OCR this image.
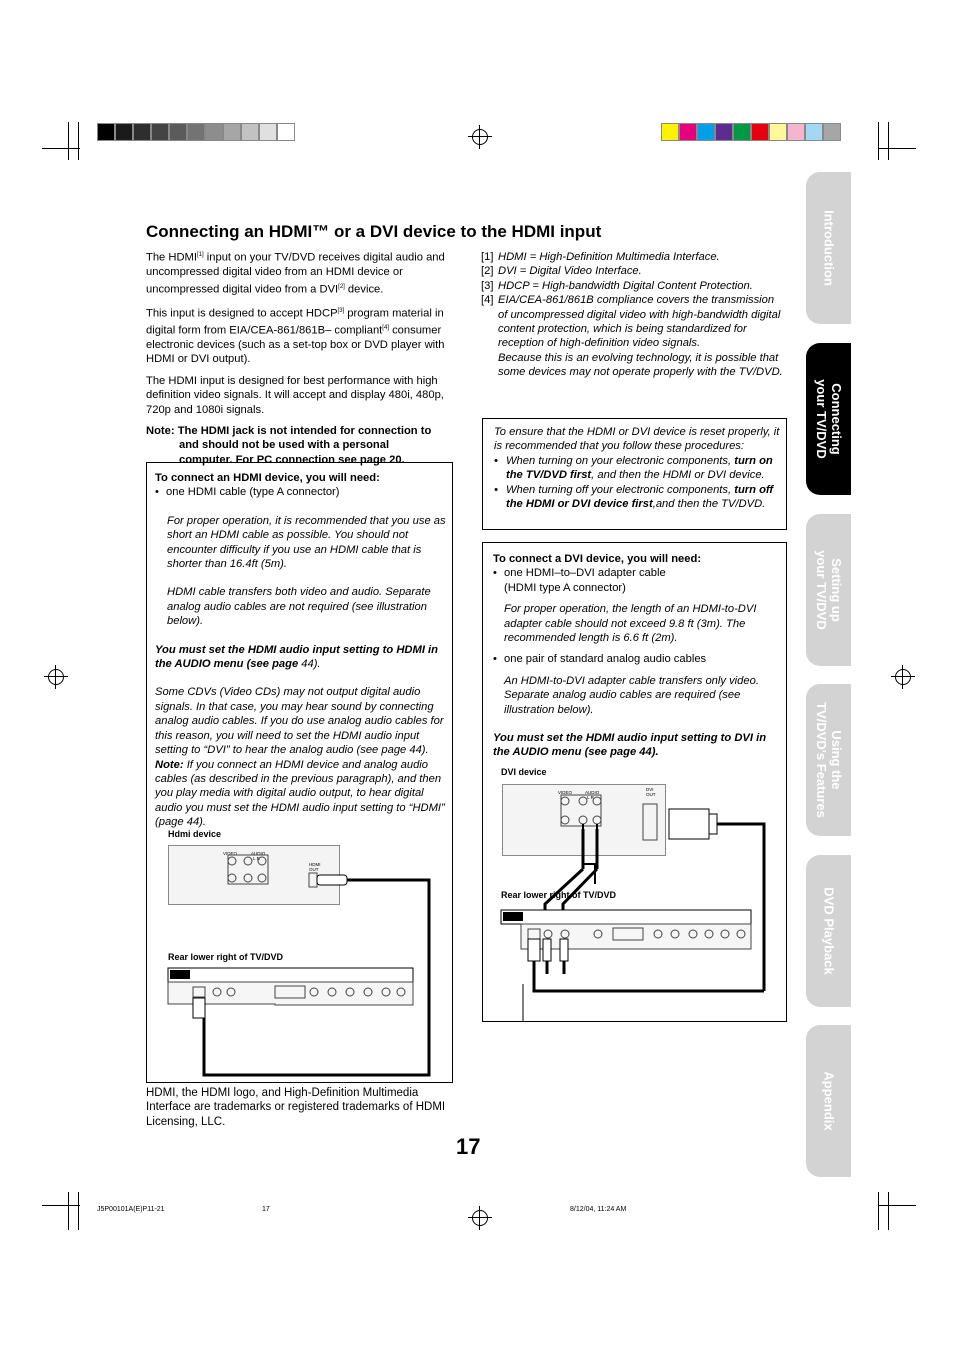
Connecting an HDMI™ or a DVI device to the HDMI input

The HDMI[1] input on your TV/DVD receives digital audio and uncompressed digital video from an HDMI device or uncompressed digital video from a DVI[2] device.

This input is designed to accept HDCP[3] program material in digital form from EIA/CEA-861/861B– compliant[4] consumer electronic devices (such as a set-top box or DVD player with HDMI or DVI output).

The HDMI input is designed for best performance with high definition video signals. It will accept and display 480i, 480p, 720p and 1080i signals.

Note: The HDMI jack is not intended for connection to
and should not be used with a personal
computer. For PC connection see page 20.
[1] HDMI = High-Definition Multimedia Interface.
[2] DVI = Digital Video Interface.
[3] HDCP = High-bandwidth Digital Content Protection.
[4] EIA/CEA-861/861B compliance covers the transmission of uncompressed digital video with high-bandwidth digital content protection, which is being standardized for reception of high-definition video signals.
Because this is an evolving technology, it is possible that some devices may not operate properly with the TV/DVD.

To ensure that the HDMI or DVI device is reset properly, it is recommended that you follow these procedures:

• When turning on your electronic components, turn on the TV/DVD first, and then the HDMI or DVI device.
• When turning off your electronic components, turn off the HDMI or DVI device first,and then the TV/DVD.

To connect an HDMI device, you will need:

• one HDMI cable (type A connector)

For proper operation, it is recommended that you use as short an HDMI cable as possible. You should not encounter difficulty if you use an HDMI cable that is shorter than 16.4ft (5m).

HDMI cable transfers both video and audio. Separate analog audio cables are not required (see illustration below).

You must set the HDMI audio input setting to HDMI in the AUDIO menu (see page 44).

Some CDVs (Video CDs) may not output digital audio signals. In that case, you may hear sound by connecting analog audio cables. If you do use analog audio cables for this reason, you will need to set the HDMI audio input setting to “DVI” to hear the analog audio (see page 44).

Note: If you connect an HDMI device and analog audio cables (as described in the previous paragraph), and then you play media with digital audio output, to hear digital audio you must set the HDMI audio input setting to “HDMI” (page 44).

Hdmi device
VIDEO	AUDIO
L R
HDMI OUT
Rear lower right of TV/DVD

To connect a DVI device, you will need:

• one HDMI–to–DVI adapter cable
(HDMI type A connector)

For proper operation, the length of an HDMI-to-DVI adapter cable should not exceed 9.8 ft (3m). The recommended length is 6.6 ft (2m).

• one pair of standard analog audio cables

An HDMI-to-DVI adapter cable transfers only video. Separate analog audio cables are required (see illustration below).

You must set the HDMI audio input setting to DVI in the AUDIO menu (see page 44).

DVI device
VIDEO	AUDIO
L R
DVI OUT
Rear lower right of TV/DVD
HDMI, the HDMI logo, and High-Definition Multimedia Interface are trademarks or registered trademarks of HDMI Licensing, LLC.
Introduction
Connecting
your TV/DVD
Setting up
your TV/DVD
Using the
TV/DVD's Features
DVD Playback
Appendix
17
J5P00101A(E)P11-21	17	8/12/04, 11:24 AM
